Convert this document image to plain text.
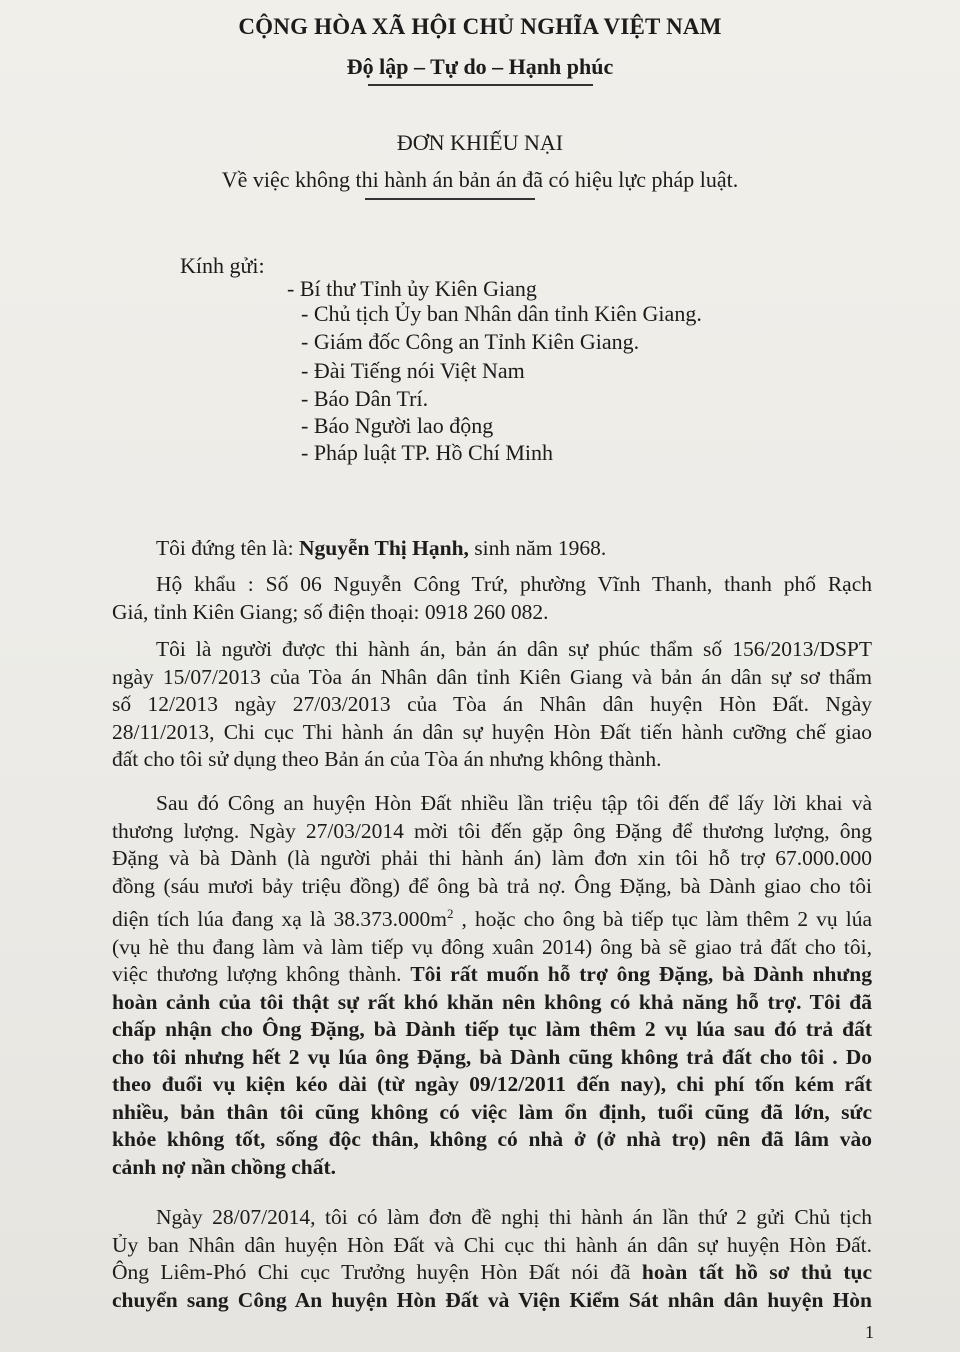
CỘNG HÒA XÃ HỘI CHỦ NGHĨA VIỆT NAM
Độ lập – Tự do – Hạnh phúc
ĐƠN KHIẾU NẠI
Về việc không thi hành án bản án đã có hiệu lực pháp luật.
Kính gửi:
- Bí thư Tỉnh ủy Kiên Giang
- Chủ tịch Ủy ban Nhân dân tỉnh Kiên Giang.
- Giám đốc Công an Tỉnh Kiên Giang.
- Đài Tiếng nói Việt Nam
- Báo Dân Trí.
- Báo Người lao động
- Pháp luật TP. Hồ Chí Minh
Tôi đứng tên là: Nguyễn Thị Hạnh, sinh năm 1968.
Hộ khẩu : Số 06 Nguyễn Công Trứ, phường Vĩnh Thanh, thanh phố Rạch
Giá, tỉnh Kiên Giang; số điện thoại: 0918 260 082.
Tôi là người được thi hành án, bản án dân sự phúc thẩm số 156/2013/DSPT
ngày 15/07/2013 của Tòa án Nhân dân tỉnh Kiên Giang và bản án dân sự sơ thẩm
số 12/2013 ngày 27/03/2013 của Tòa án Nhân dân huyện Hòn Đất. Ngày
28/11/2013, Chi cục Thi hành án dân sự huyện Hòn Đất tiến hành cưỡng chế giao
đất cho tôi sử dụng theo Bản án của Tòa án nhưng không thành.
Sau đó Công an huyện Hòn Đất nhiều lần triệu tập tôi đến để lấy lời khai và
thương lượng. Ngày 27/03/2014 mời tôi đến gặp ông Đặng để thương lượng, ông
Đặng và bà Dành (là người phải thi hành án) làm đơn xin tôi hỗ trợ 67.000.000
đồng (sáu mươi bảy triệu đồng) để ông bà trả nợ. Ông Đặng, bà Dành giao cho tôi
diện tích lúa đang xạ là $38.373.000m^2$ , hoặc cho ông bà tiếp tục làm thêm 2 vụ lúa
(vụ hè thu đang làm và làm tiếp vụ đông xuân 2014) ông bà sẽ giao trả đất cho tôi,
việc thương lượng không thành. Tôi rất muốn hỗ trợ ông Đặng, bà Dành nhưng
hoàn cảnh của tôi thật sự rất khó khăn nên không có khả năng hỗ trợ. Tôi đã
chấp nhận cho Ông Đặng, bà Dành tiếp tục làm thêm 2 vụ lúa sau đó trả đất
cho tôi nhưng hết 2 vụ lúa ông Đặng, bà Dành cũng không trả đất cho tôi . Do
theo đuổi vụ kiện kéo dài (từ ngày 09/12/2011 đến nay), chi phí tốn kém rất
nhiều, bản thân tôi cũng không có việc làm ổn định, tuổi cũng đã lớn, sức
khỏe không tốt, sống độc thân, không có nhà ở (ở nhà trọ) nên đã lâm vào
cảnh nợ nần chồng chất.
Ngày 28/07/2014, tôi có làm đơn đề nghị thi hành án lần thứ 2 gửi Chủ tịch
Ủy ban Nhân dân huyện Hòn Đất và Chi cục thi hành án dân sự huyện Hòn Đất.
Ông Liêm-Phó Chi cục Trưởng huyện Hòn Đất nói đã hoàn tất hồ sơ thủ tục
chuyển sang Công An huyện Hòn Đất và Viện Kiểm Sát nhân dân huyện Hòn
1
